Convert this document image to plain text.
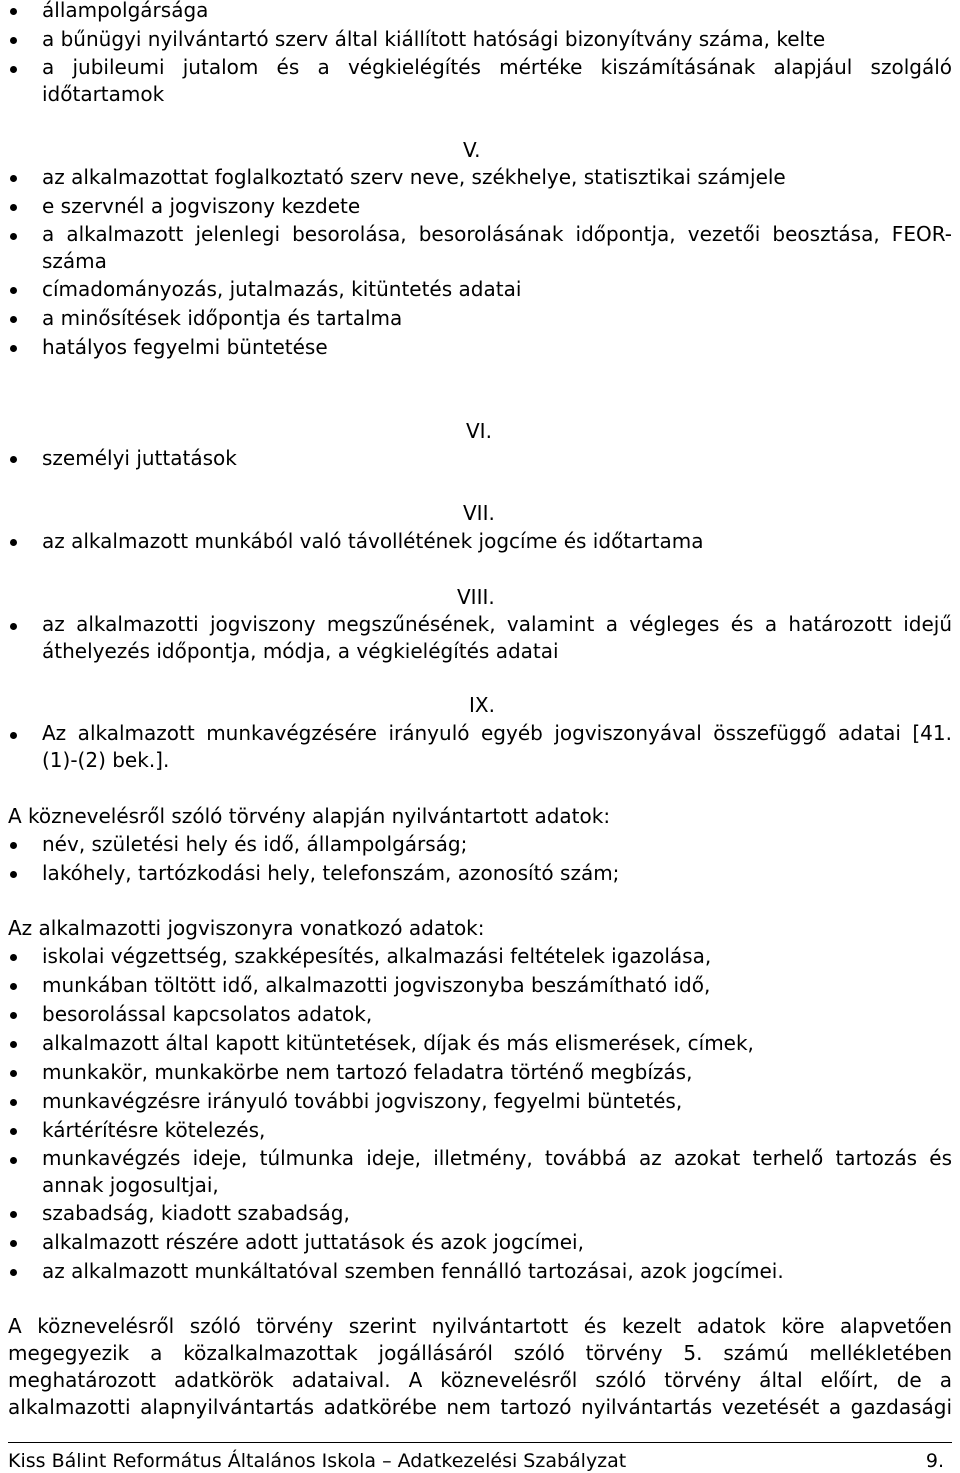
állampolgársága
a bűnügyi nyilvántartó szerv által kiállított hatósági bizonyítvány száma, kelte
a jubileumi jutalom és a végkielégítés mértéke kiszámításának alapjául szolgáló időtartamok
V.
az alkalmazottat foglalkoztató szerv neve, székhelye, statisztikai számjele
e szervnél a jogviszony kezdete
a alkalmazott jelenlegi besorolása, besorolásának időpontja, vezetői beosztása, FEOR-száma
címadományozás, jutalmazás, kitüntetés adatai
a minősítések időpontja és tartalma
hatályos fegyelmi büntetése
VI.
személyi juttatások
VII.
az alkalmazott munkából való távollétének jogcíme és időtartama
VIII.
az alkalmazotti jogviszony megszűnésének, valamint a végleges és a határozott idejű áthelyezés időpontja, módja, a végkielégítés adatai
IX.
Az alkalmazott munkavégzésére irányuló egyéb jogviszonyával összefüggő adatai [41. (1)-(2) bek.].

A köznevelésről szóló törvény alapján nyilvántartott adatok:

név, születési hely és idő, állampolgárság;
lakóhely, tartózkodási hely, telefonszám, azonosító szám;

Az alkalmazotti jogviszonyra vonatkozó adatok:

iskolai végzettség, szakképesítés, alkalmazási feltételek igazolása,
munkában töltött idő, alkalmazotti jogviszonyba beszámítható idő,
besorolással kapcsolatos adatok,
alkalmazott által kapott kitüntetések, díjak és más elismerések, címek,
munkakör, munkakörbe nem tartozó feladatra történő megbízás,
munkavégzésre irányuló további jogviszony, fegyelmi büntetés,
kártérítésre kötelezés,
munkavégzés ideje, túlmunka ideje, illetmény, továbbá az azokat terhelő tartozás és annak jogosultjai,
szabadság, kiadott szabadság,
alkalmazott részére adott juttatások és azok jogcímei,
az alkalmazott munkáltatóval szemben fennálló tartozásai, azok jogcímei.

A köznevelésről szóló törvény szerint nyilvántartott és kezelt adatok köre alapvetően

megegyezik a közalkalmazottak jogállásáról szóló törvény 5. számú mellékletében

meghatározott adatkörök adataival. A köznevelésről szóló törvény által előírt, de a

alkalmazotti alapnyilvántartás adatkörébe nem tartozó nyilvántartás vezetését a gazdasági

Kiss Bálint Református Általános Iskola – Adatkezelési Szabályzat	9.
